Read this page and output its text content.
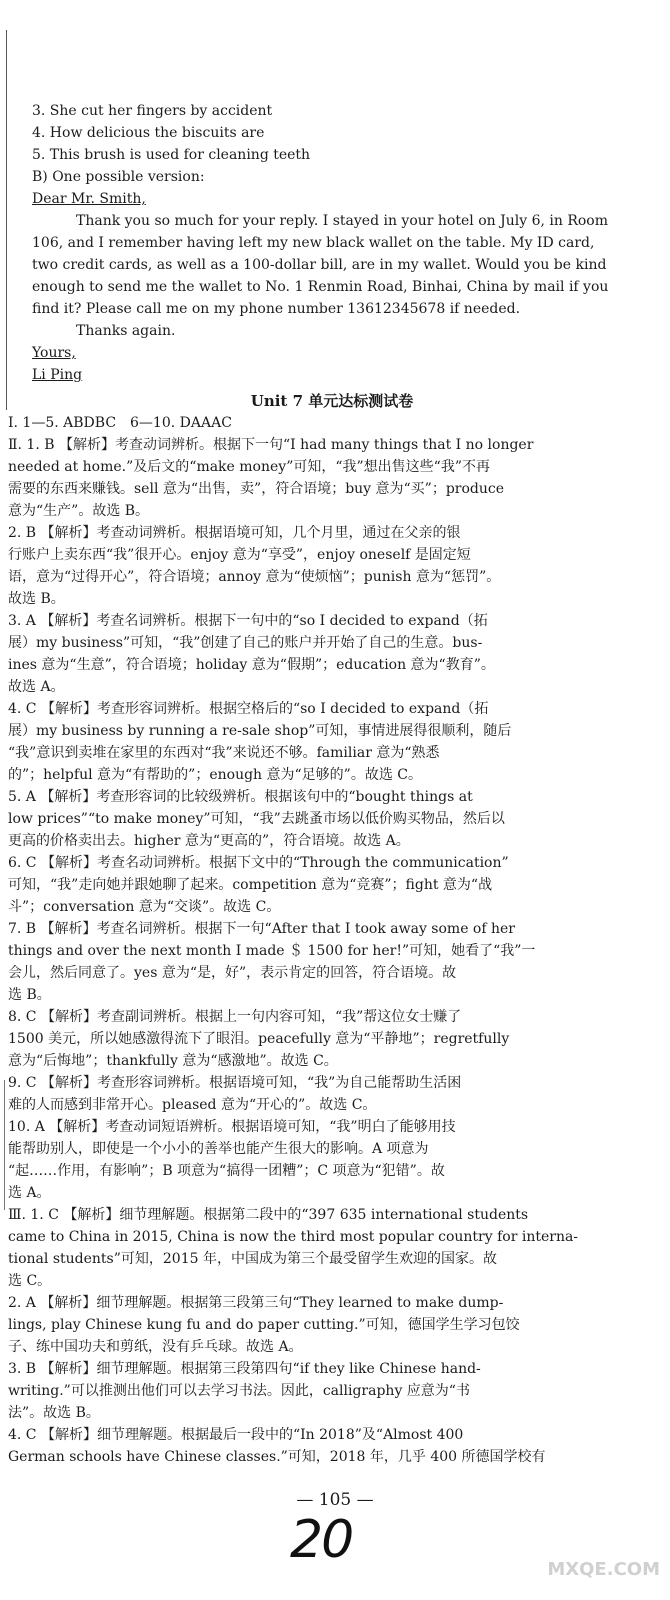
3. She cut her fingers by accident
4. How delicious the biscuits are
5. This brush is used for cleaning teeth
B) One possible version:
Dear Mr. Smith,
Thank you so much for your reply. I stayed in your hotel on July 6, in Room
106, and I remember having left my new black wallet on the table. My ID card,
two credit cards, as well as a 100-dollar bill, are in my wallet. Would you be kind
enough to send me the wallet to No. 1 Renmin Road, Binhai, China by mail if you
find it? Please call me on my phone number 13612345678 if needed.
Thanks again.
Yours,
Li Ping
Unit 7 单元达标测试卷
Ⅰ. 1—5. ABDBC　6—10. DAAAC
Ⅱ. 1. B 【解析】考查动词辨析。根据下一句“I had many things that I no longer
needed at home.”及后文的“make money”可知，“我”想出售这些“我”不再
需要的东西来赚钱。sell 意为“出售，卖”，符合语境；buy 意为“买”；produce
意为“生产”。故选 B。
2. B 【解析】考查动词辨析。根据语境可知，几个月里，通过在父亲的银
行账户上卖东西“我”很开心。enjoy 意为“享受”，enjoy oneself 是固定短
语，意为“过得开心”，符合语境；annoy 意为“使烦恼”；punish 意为“惩罚”。
故选 B。
3. A 【解析】考查名词辨析。根据下一句中的“so I decided to expand（拓
展）my business”可知，“我”创建了自己的账户并开始了自己的生意。bus-
ines 意为“生意”，符合语境；holiday 意为“假期”；education 意为“教育”。
故选 A。
4. C 【解析】考查形容词辨析。根据空格后的“so I decided to expand（拓
展）my business by running a re-sale shop”可知，事情进展得很顺利，随后
“我”意识到卖堆在家里的东西对“我”来说还不够。familiar 意为“熟悉
的”；helpful 意为“有帮助的”；enough 意为“足够的”。故选 C。
5. A 【解析】考查形容词的比较级辨析。根据该句中的“bought things at
low prices”“to make money”可知，“我”去跳蚤市场以低价购买物品，然后以
更高的价格卖出去。higher 意为“更高的”，符合语境。故选 A。
6. C 【解析】考查名动词辨析。根据下文中的“Through the communication”
可知，“我”走向她并跟她聊了起来。competition 意为“竞赛”；fight 意为“战
斗”；conversation 意为“交谈”。故选 C。
7. B 【解析】考查名词辨析。根据下一句“After that I took away some of her
things and over the next month I made ＄ 1500 for her!”可知，她看了“我”一
会儿，然后同意了。yes 意为“是，好”，表示肯定的回答，符合语境。故
选 B。
8. C 【解析】考查副词辨析。根据上一句内容可知，“我”帮这位女士赚了
1500 美元，所以她感激得流下了眼泪。peacefully 意为“平静地”；regretfully
意为“后悔地”；thankfully 意为“感激地”。故选 C。
9. C 【解析】考查形容词辨析。根据语境可知，“我”为自己能帮助生活困
难的人而感到非常开心。pleased 意为“开心的”。故选 C。
10. A 【解析】考查动词短语辨析。根据语境可知，“我”明白了能够用技
能帮助别人，即使是一个小小的善举也能产生很大的影响。A 项意为
“起……作用，有影响”；B 项意为“搞得一团糟”；C 项意为“犯错”。故
选 A。
Ⅲ. 1. C 【解析】细节理解题。根据第二段中的“397 635 international students
came to China in 2015, China is now the third most popular country for interna-
tional students”可知，2015 年，中国成为第三个最受留学生欢迎的国家。故
选 C。
2. A 【解析】细节理解题。根据第三段第三句“They learned to make dump-
lings, play Chinese kung fu and do paper cutting.”可知，德国学生学习包饺
子、练中国功夫和剪纸，没有乒乓球。故选 A。
3. B 【解析】细节理解题。根据第三段第四句“if they like Chinese hand-
writing.”可以推测出他们可以去学习书法。因此，calligraphy 应意为“书
法”。故选 B。
4. C 【解析】细节理解题。根据最后一段中的“In 2018”及“Almost 400
German schools have Chinese classes.”可知，2018 年，几乎 400 所德国学校有
— 105 —
20	MXQE.COM
